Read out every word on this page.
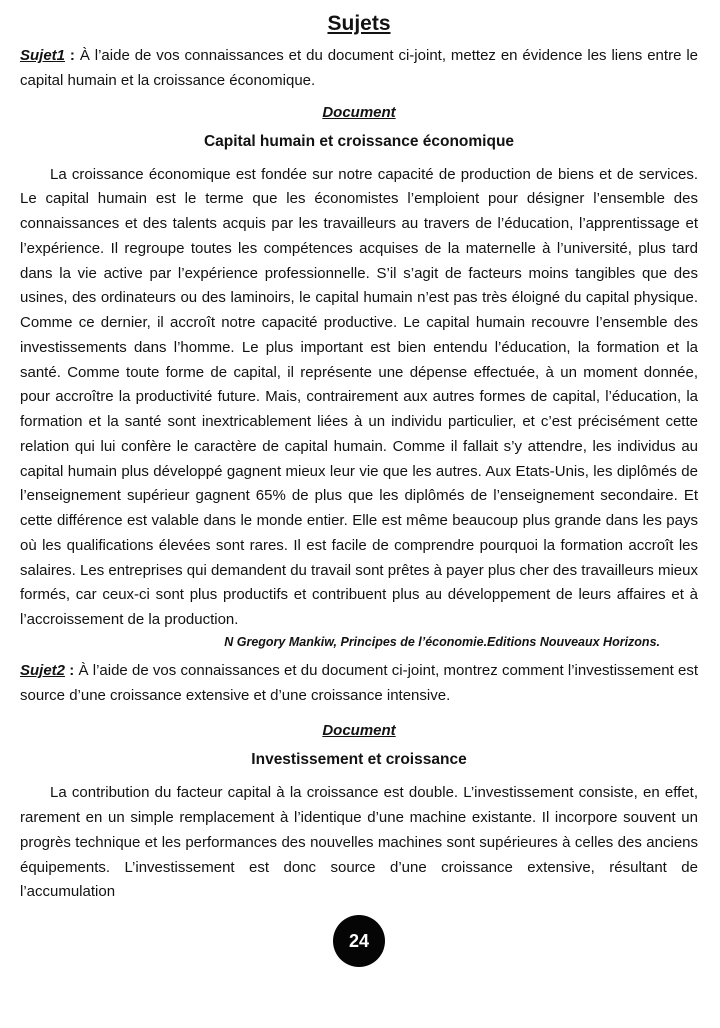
Sujets

Sujet1 : À l’aide de vos connaissances et du document ci-joint, mettez en évidence les liens entre le capital humain et la croissance économique.

Document
Capital humain et croissance économique

La croissance économique est fondée sur notre capacité de production de biens et de services. Le capital humain est le terme que les économistes l’emploient pour désigner l’ensemble des connaissances et des talents acquis par les travailleurs au travers de l’éducation, l’apprentissage et l’expérience. Il regroupe toutes les compétences acquises de la maternelle à l’université, plus tard dans la vie active par l’expérience professionnelle. S’il s’agit de facteurs moins tangibles que des usines, des ordinateurs ou des laminoirs, le capital humain n’est pas très éloigné du capital physique. Comme ce dernier, il accroît notre capacité productive. Le capital humain recouvre l’ensemble des investissements dans l’homme. Le plus important est bien entendu l’éducation, la formation et la santé. Comme toute forme de capital, il représente une dépense effectuée, à un moment donnée, pour accroître la productivité future. Mais, contrairement aux autres formes de capital, l’éducation, la formation et la santé sont inextricablement liées à un individu particulier, et c’est précisément cette relation qui lui confère le caractère de capital humain. Comme il fallait s’y attendre, les individus au capital humain plus développé gagnent mieux leur vie que les autres. Aux Etats-Unis, les diplômés de l’enseignement supérieur gagnent 65% de plus que les diplômés de l’enseignement secondaire. Et cette différence est valable dans le monde entier. Elle est même beaucoup plus grande dans les pays où les qualifications élevées sont rares. Il est facile de comprendre pourquoi la formation accroît les salaires. Les entreprises qui demandent du travail sont prêtes à payer plus cher des travailleurs mieux formés, car ceux-ci sont plus productifs et contribuent plus au développement de leurs affaires et à l’accroissement de la production.

N Gregory Mankiw, Principes de l’économie.Editions Nouveaux Horizons.

Sujet2 : À l’aide de vos connaissances et du document ci-joint, montrez comment l’investissement est source d’une croissance extensive et d’une croissance intensive.

Document
Investissement et croissance

La contribution du facteur capital à la croissance est double. L’investissement consiste, en effet, rarement en un simple remplacement à l’identique d’une machine existante. Il incorpore souvent un progrès technique et les performances des nouvelles machines sont supérieures à celles des anciens équipements. L’investissement est donc source d’une croissance extensive, résultant de l’accumulation

24
